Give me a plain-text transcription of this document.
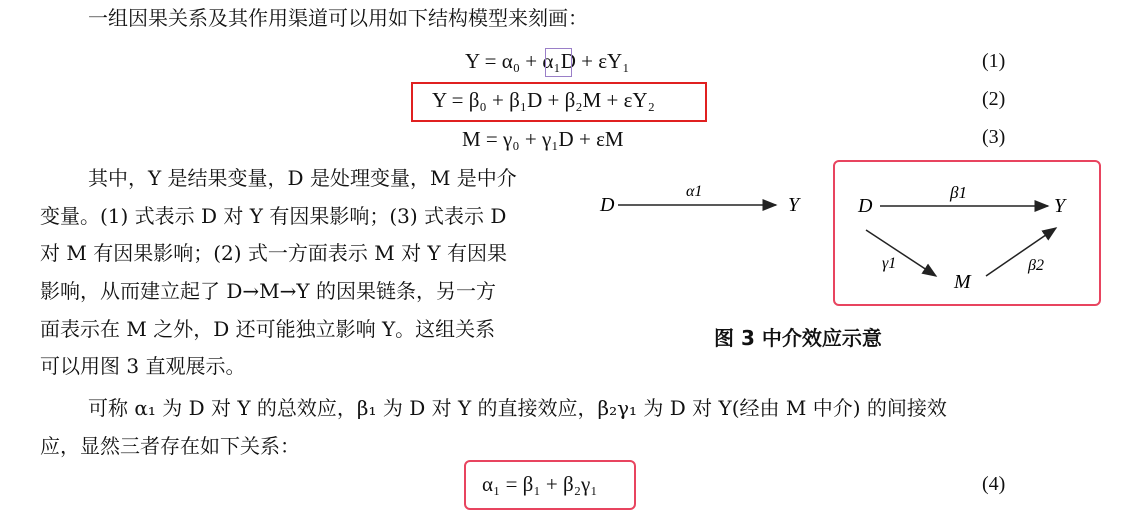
一组因果关系及其作用渠道可以用如下结构模型来刻画：
Y = α₀ + α₁D + εY₁	(1)
Y = β₀ + β₁D + β₂M + εY₂	(2)
M = γ₀ + γ₁D + εM	(3)
其中，Y 是结果变量，D 是处理变量，M 是中介
变量。(1) 式表示 D 对 Y 有因果影响；(3) 式表示 D
对 M 有因果影响；(2) 式一方面表示 M 对 Y 有因果
影响，从而建立起了 D→M→Y 的因果链条，另一方
面表示在 M 之外，D 还可能独立影响 Y。这组关系
可以用图 3 直观展示。
D
α1
Y	D
β1
Y
γ1
M
β2
图 3 中介效应示意
可称 α₁ 为 D 对 Y 的总效应，β₁ 为 D 对 Y 的直接效应，β₂γ₁ 为 D 对 Y(经由 M 中介) 的间接效
应，显然三者存在如下关系：
α₁ = β₁ + β₂γ₁	(4)
